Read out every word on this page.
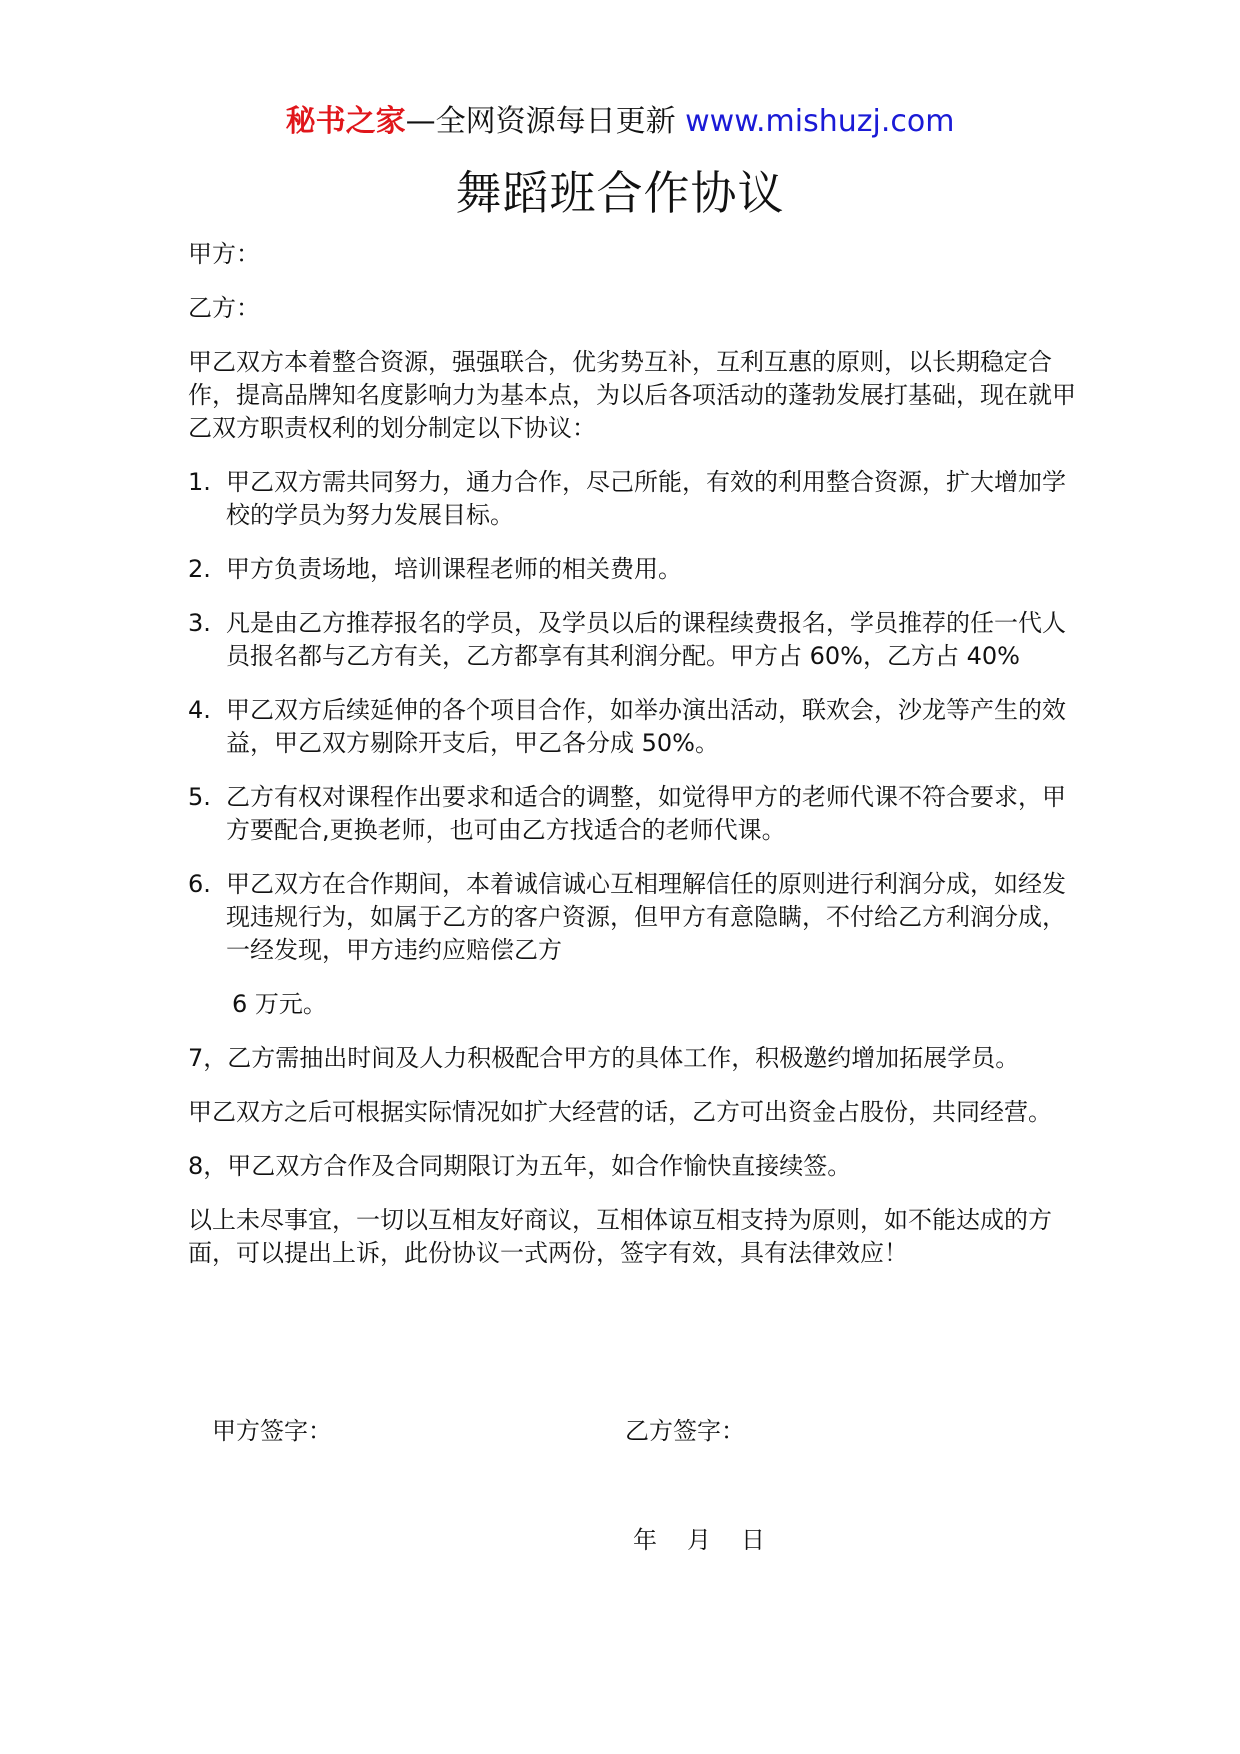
秘书之家—全网资源每日更新 www.mishuzj.com
舞蹈班合作协议
甲方：
乙方：
甲乙双方本着整合资源，强强联合，优劣势互补，互利互惠的原则，以长期稳定合作，提高品牌知名度影响力为基本点，为以后各项活动的蓬勃发展打基础，现在就甲乙双方职责权利的划分制定以下协议：
1. 甲乙双方需共同努力，通力合作，尽己所能，有效的利用整合资源，扩大增加学校的学员为努力发展目标。
2. 甲方负责场地，培训课程老师的相关费用。
3. 凡是由乙方推荐报名的学员，及学员以后的课程续费报名，学员推荐的任一代人员报名都与乙方有关，乙方都享有其利润分配。甲方占 60%，乙方占 40%
4. 甲乙双方后续延伸的各个项目合作，如举办演出活动，联欢会，沙龙等产生的效益，甲乙双方剔除开支后，甲乙各分成 50%。
5. 乙方有权对课程作出要求和适合的调整，如觉得甲方的老师代课不符合要求，甲方要配合,更换老师，也可由乙方找适合的老师代课。
6. 甲乙双方在合作期间，本着诚信诚心互相理解信任的原则进行利润分成，如经发现违规行为，如属于乙方的客户资源，但甲方有意隐瞒，不付给乙方利润分成，一经发现，甲方违约应赔偿乙方
6 万元。
7，乙方需抽出时间及人力积极配合甲方的具体工作，积极邀约增加拓展学员。
甲乙双方之后可根据实际情况如扩大经营的话，乙方可出资金占股份，共同经营。
8，甲乙双方合作及合同期限订为五年，如合作愉快直接续签。
以上未尽事宜，一切以互相友好商议，互相体谅互相支持为原则，如不能达成的方面，可以提出上诉，此份协议一式两份，签字有效，具有法律效应！
甲方签字：	乙方签字：
年 月 日
